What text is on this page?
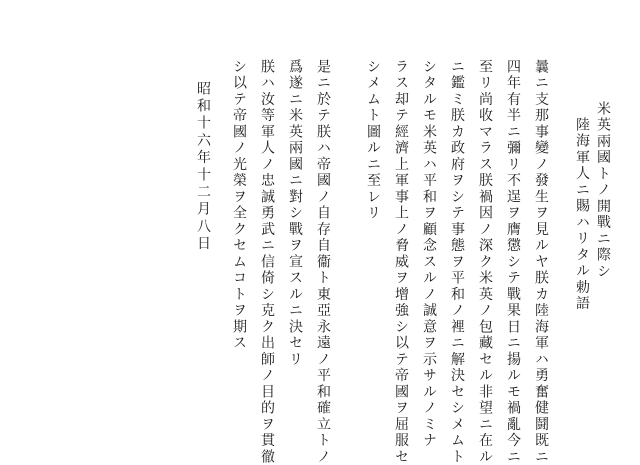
米英兩國トノ開戰ニ際シ
陸海軍人ニ賜ハリタル勅語
曩ニ支那事變ノ發生ヲ見ルヤ朕カ陸海軍ハ勇奮健鬪既ニ
四年有半ニ彌リ不逞ヲ膺懲シテ戰果日ニ揚ルモ禍亂今ニ
至リ尚收マラス朕禍因ノ深ク米英ノ包藏セル非望ニ在ル
ニ鑑ミ朕カ政府ヲシテ事態ヲ平和ノ裡ニ解決セシメムト
シタルモ米英ハ平和ヲ顧念スルノ誠意ヲ示サルノミナ
ラス却テ經濟上軍事上ノ脅威ヲ增強シ以テ帝國ヲ屈服セ
シメムト圖ルニ至レリ
是ニ於テ朕ハ帝國ノ自存自衞ト東亞永遠ノ平和確立トノ
爲遂ニ米英兩國ニ對シ戰ヲ宣スルニ決セリ
朕ハ汝等軍人ノ忠誠勇武ニ信倚シ克ク出師ノ目的ヲ貫徹
シ以テ帝國ノ光榮ヲ全クセムコトヲ期ス
昭和十六年十二月八日
